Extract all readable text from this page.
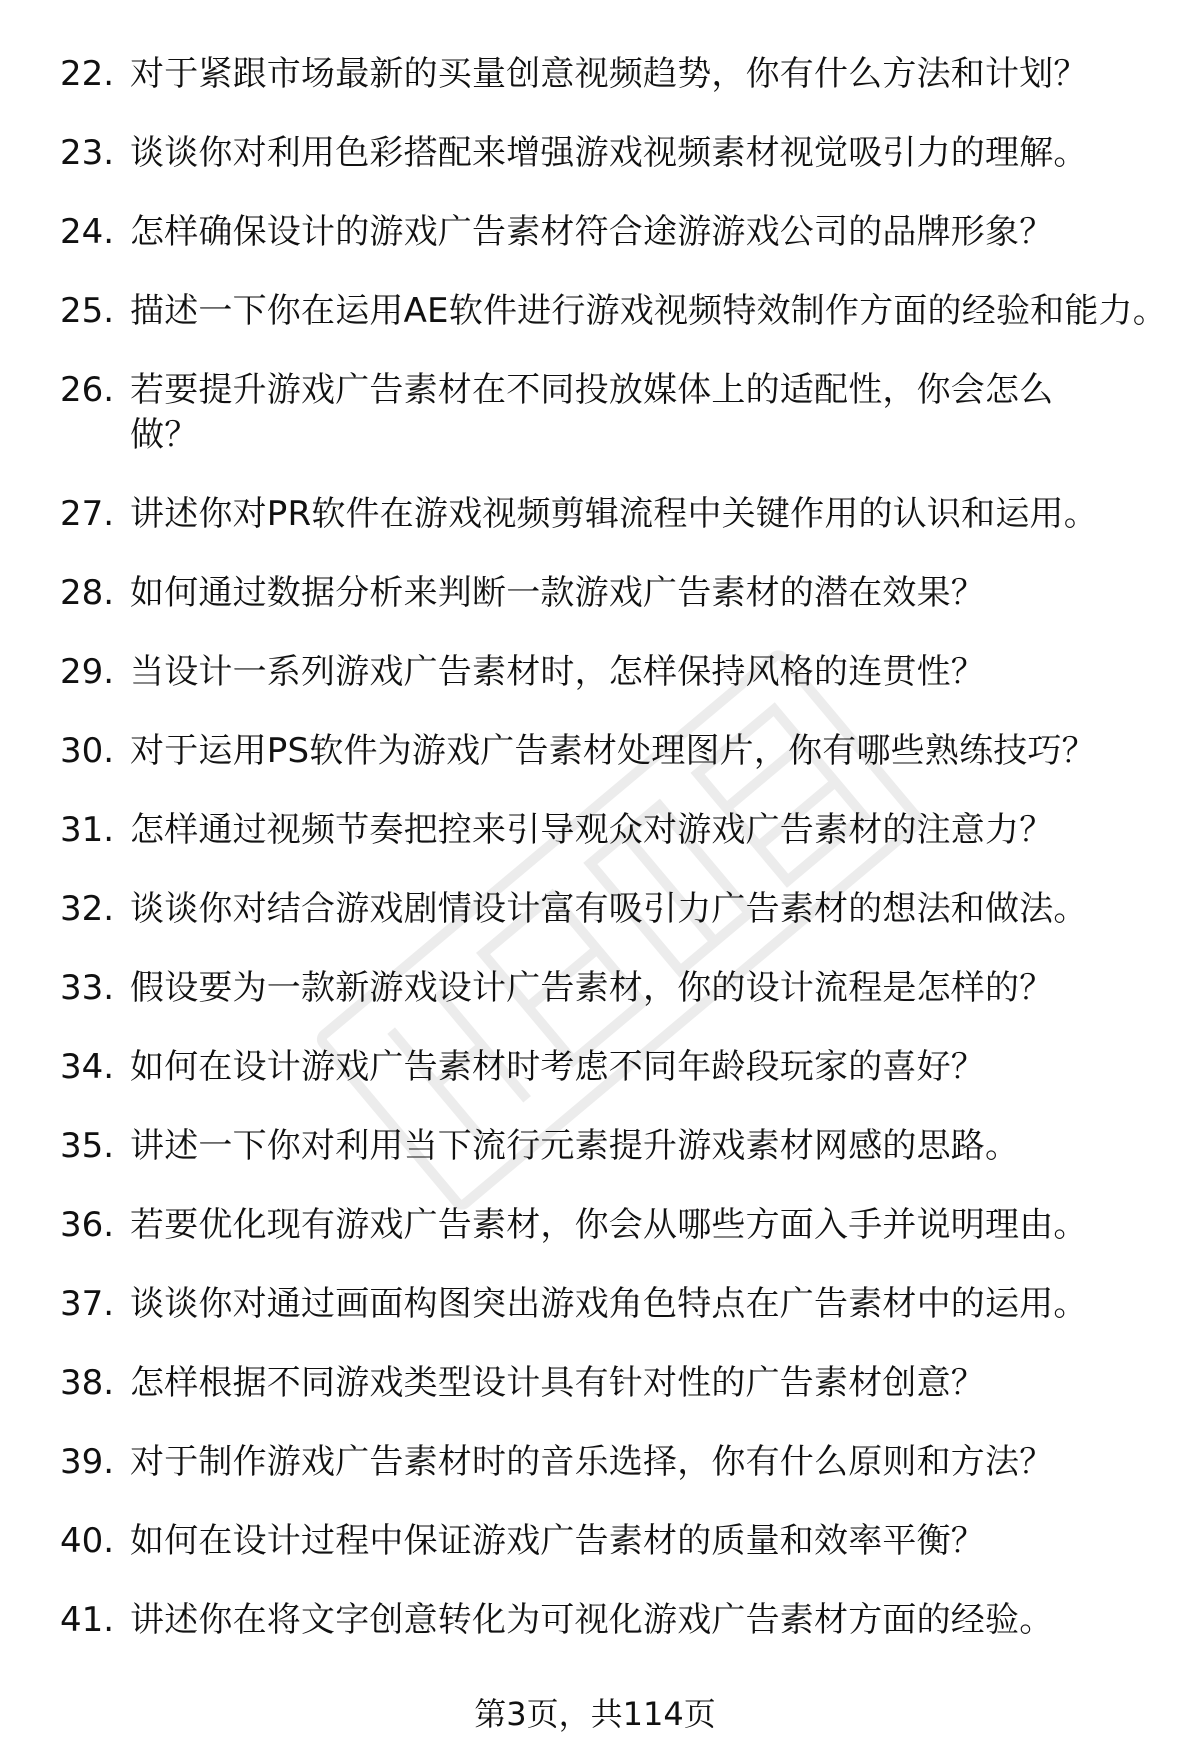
22. 对于紧跟市场最新的买量创意视频趋势，你有什么方法和计划？
23. 谈谈你对利用色彩搭配来增强游戏视频素材视觉吸引力的理解。
24. 怎样确保设计的游戏广告素材符合途游游戏公司的品牌形象？
25. 描述一下你在运用AE软件进行游戏视频特效制作方面的经验和能力。
26. 若要提升游戏广告素材在不同投放媒体上的适配性，你会怎么做？
27. 讲述你对PR软件在游戏视频剪辑流程中关键作用的认识和运用。
28. 如何通过数据分析来判断一款游戏广告素材的潜在效果？
29. 当设计一系列游戏广告素材时，怎样保持风格的连贯性？
30. 对于运用PS软件为游戏广告素材处理图片，你有哪些熟练技巧？
31. 怎样通过视频节奏把控来引导观众对游戏广告素材的注意力？
32. 谈谈你对结合游戏剧情设计富有吸引力广告素材的想法和做法。
33. 假设要为一款新游戏设计广告素材，你的设计流程是怎样的？
34. 如何在设计游戏广告素材时考虑不同年龄段玩家的喜好？
35. 讲述一下你对利用当下流行元素提升游戏素材网感的思路。
36. 若要优化现有游戏广告素材，你会从哪些方面入手并说明理由。
37. 谈谈你对通过画面构图突出游戏角色特点在广告素材中的运用。
38. 怎样根据不同游戏类型设计具有针对性的广告素材创意？
39. 对于制作游戏广告素材时的音乐选择，你有什么原则和方法？
40. 如何在设计过程中保证游戏广告素材的质量和效率平衡？
41. 讲述你在将文字创意转化为可视化游戏广告素材方面的经验。
第3页，共114页
